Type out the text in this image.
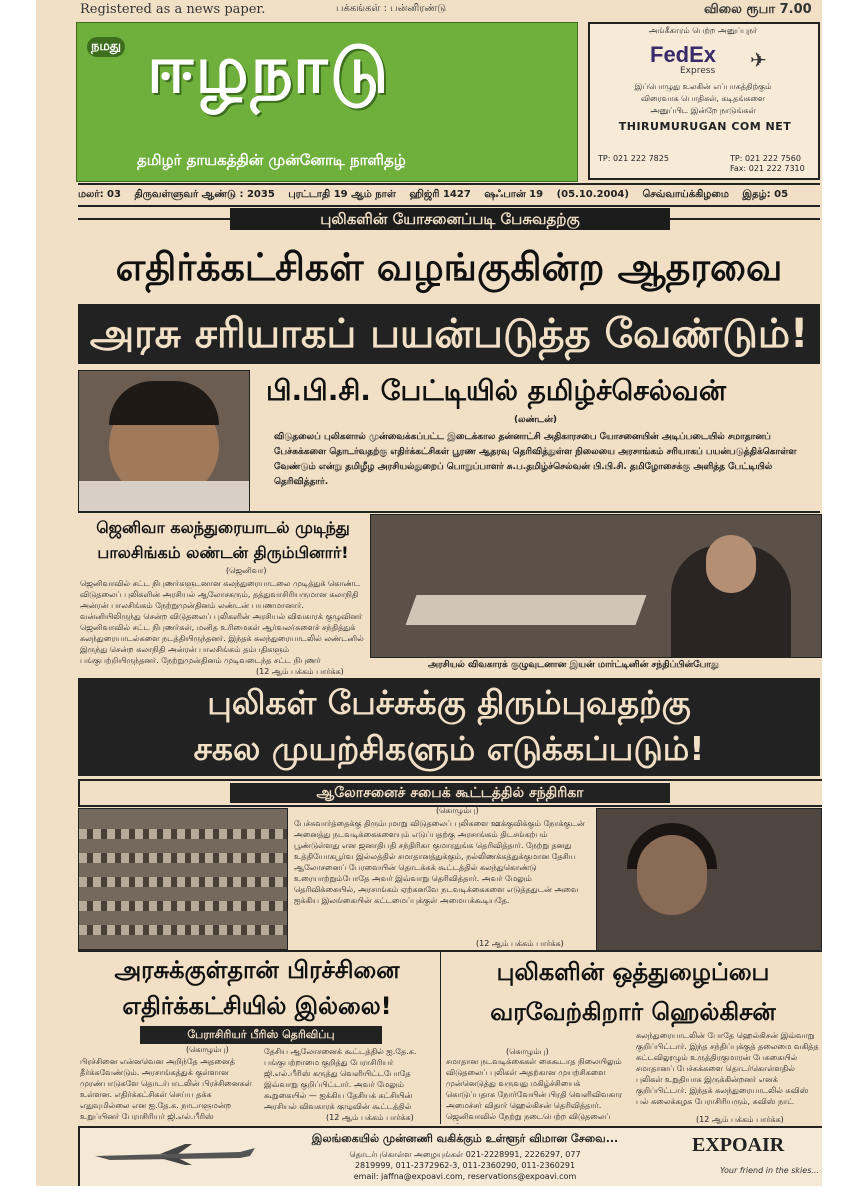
Registered as a news paper.	பக்கங்கள் : பன்னிரண்டு	விலை ரூபா 7.00
நமது ஈழநாடு
தமிழர் தாயகத்தின் முன்னோடி நாளிதழ்
அங்கீகாரம் பெற்ற அனுப்புநர்
FedEx
Express ✈
இப்பொழுது உலகின் எப்பாகத்திற்கும்
விரைவாக பொதிகள், கடிதங்களை
அனுப்பிட இன்றே நாடுங்கள்
THIRUMURUGAN COM NET
TP: 021 222 7825	TP: 021 222 7560
Fax: 021 222 7310
மலர்: 03 திருவள்ளுவர் ஆண்டு : 2035 புரட்டாதி 19 ஆம் நாள் ஹிஜ்ரி 1427 ஷஃபான் 19 (05.10.2004) செவ்வாய்க்கிழமை இதழ்: 05
புலிகளின் யோசனைப்படி பேசுவதற்கு
எதிர்க்கட்சிகள் வழங்குகின்ற ஆதரவை
அரசு சரியாகப் பயன்படுத்த வேண்டும்!
பி.பி.சி. பேட்டியில் தமிழ்ச்செல்வன்
(லண்டன்)
விடுதலைப் புலிகளால் முன்வைக்கப்பட்ட இடைக்கால தன்னாட்சி அதிகாரசபை யோசனையின் அடிப்படையில் சமாதானப் பேச்சுக்களை தொடர்வதற்கு எதிர்க்கட்சிகள் பூரண ஆதரவு தெரிவித்துள்ள நிலையை அரசாங்கம் சரியாகப் பயன்படுத்திக்கொள்ள வேண்டும் என்று தமிழீழ அரசியல்துறைப் பொறுப்பாளர் சு.ப.தமிழ்ச்செல்வன் பி.பி.சி. தமிழோசைக்கு அளித்த பேட்டியில் தெரிவித்தார்.
ஜெனிவா கலந்துரையாடல் முடிந்து பாலசிங்கம் லண்டன் திரும்பினார்!
(ஜெனிவா)
ஜெனிவாவில் சட்ட நிபுணர்களுடனான கலந்துரையாடலை முடித்துக் கொண்ட விடுதலைப் புலிகளின் அரசியல் ஆலோசகரும், தத்துவாசிரியருமான கலாநிதி அன்ரன் பாலசிங்கம் நேற்றுமுன்தினம் லண்டன் பயணமானார். வன்னியிலிருந்து சென்ற விடுதலைப் புலிகளின் அரசியல் விவகாரக் குழுவினர் ஜெனிவாவில் சட்ட நிபுணர்கள், மனித உரிமைகள் ஆர்வலர்களைச் சந்தித்துக் கலந்துரையாடல்களை நடத்தியிருந்தனர். இந்தக் கலந்துரையாடலில் லண்டனில் இருந்து சென்ற கலாநிதி அன்ரன் பாலசிங்கம் தம்பதிகளும் பங்குபற்றியிருந்தனர். நேற்றுமுன்தினம் முடிவடைந்த சட்ட நிபுணர்
(12 ஆம் பக்கம் பார்க்க)
அரசியல் விவகாரக் குழுவுடனான இயன் மார்ட்டினின் சந்திப்பின்போது
புலிகள் பேச்சுக்கு திரும்புவதற்கு
சகல முயற்சிகளும் எடுக்கப்படும்!
ஆலோசனைச் சபைக் கூட்டத்தில் சந்திரிகா
(கொழும்பு)
பேச்சுவார்த்தைக்கு திரும்புமாறு விடுதலைப் புலிகளை ஊக்குவிக்கும் நோக்குடன் அனைத்து நடவடிக்கைகளையும் எடுப்பதற்கு அரசாங்கம் திடசங்கற்பம் பூண்டுள்ளது என ஜனாதிபதி சந்திரிகா குமாரதுங்க தெரிவித்தார். நேற்று தனது உத்தியோகபூர்வ இல்லத்தில் சமாதானத்துக்கும், நல்லிணக்கத்துக்குமான தேசிய ஆலோசனைப் பேரவையின் தொடக்கக் கூட்டத்தில் கலந்துகொண்டு உரையாற்றும்போதே அவர் இவ்வாறு தெரிவித்தார். அவர் மேலும் தெரிவிக்கையில், அரசாங்கம் ஏற்கனவே நடவடிக்கைகளை எடுத்ததுடன் அவை ஐக்கிய இலங்கையின் கட்டமைப்புக்குள் அமையக்கூடியதே.
(12 ஆம் பக்கம் பார்க்க)
அரசுக்குள்தான் பிரச்சினை எதிர்க்கட்சியில் இல்லை!
பேராசிரியர் பீரிஸ் தெரிவிப்பு
(கொழும்பு)
பிரச்சினை என்னவென அறிந்தே அதனைத் தீர்க்கவேண்டும். அரசாங்கத்துக் குள்ளான முரண்பாடுகளே தொடர்பாடலின் பிரச்சினைகள் உள்ளன. எதிர்க்கட்சிகள் செய்ய தக்க எதுவுமில்லை என ஐ.தே.க. நாடாளுமன்ற உறுப்பினர் பேராசிரியர் ஜி.எல்.பீரிஸ்
தேசிய ஆலோசனைக் கூட்டத்தில் ஐ.தே.க. பங்குபற்றாமை குறித்து பேராசிரியர் ஜி.எல்.பீரிஸ் கருத்து வெளியிட்டபோதே இவ்வாறு குறிப்பிட்டார். அவர் மேலும் கூறுகையில் — ஐக்கிய தேசியக் கட்சியின் அரசியல் விவகாரக் குழுவின் கூட்டத்தில்
(12 ஆம் பக்கம் பார்க்க)
புலிகளின் ஒத்துழைப்பை
வரவேற்கிறார் ஹெல்கிசன்
(கொழும்பு)
சமாதான நடவடிக்கைகள் கைகூடாத நிலையிலும் விடுதலைப் புலிகள் அதற்கான முயற்சிகளை முன்னெடுத்து வருவது மகிழ்ச்சியைக் கொடுப்பதாக நோர்வேயின் பிரதி வெளிவிவகார அமைச்சர் விதார் ஹெல்கிசன் தெரிவித்தார். ஜெனிவாவில் நேற்று நடைபெற்ற விடுதலைப்
கலந்துரையாடலின் போதே ஹெல்கிசன் இவ்வாறு குறிப்பிட்டார். இந்த சந்திப்புக்குத் தலைமை வகித்த கட்டவிலூழும் உருத்திரகுமாரன் பேசுகையில் சமாதானப் பேச்சுக்களை தொடர்கொள்ளதில் புலிகள் உறுதியாக இருக்கின்றனர் எனக் குறிப்பிட்டார். இந்தக் கலந்துரையாடலில் சுவிஸ் பல் கலைக்கழக பேராசிரியரும், சுவிஸ் நாட்
(12 ஆம் பக்கம் பார்க்க)
இலங்கையில் முன்னணி வகிக்கும் உள்ளூர் விமான சேவை...
தொடர்புகொள்ள அழையுங்கள் 021-2228991, 2226297, 077
2819999, 011-2372962-3, 011-2360290, 011-2360291
email: jaffna@expoavi.com, reservations@expoavi.com
EXPOAIR
Your friend in the skies...
